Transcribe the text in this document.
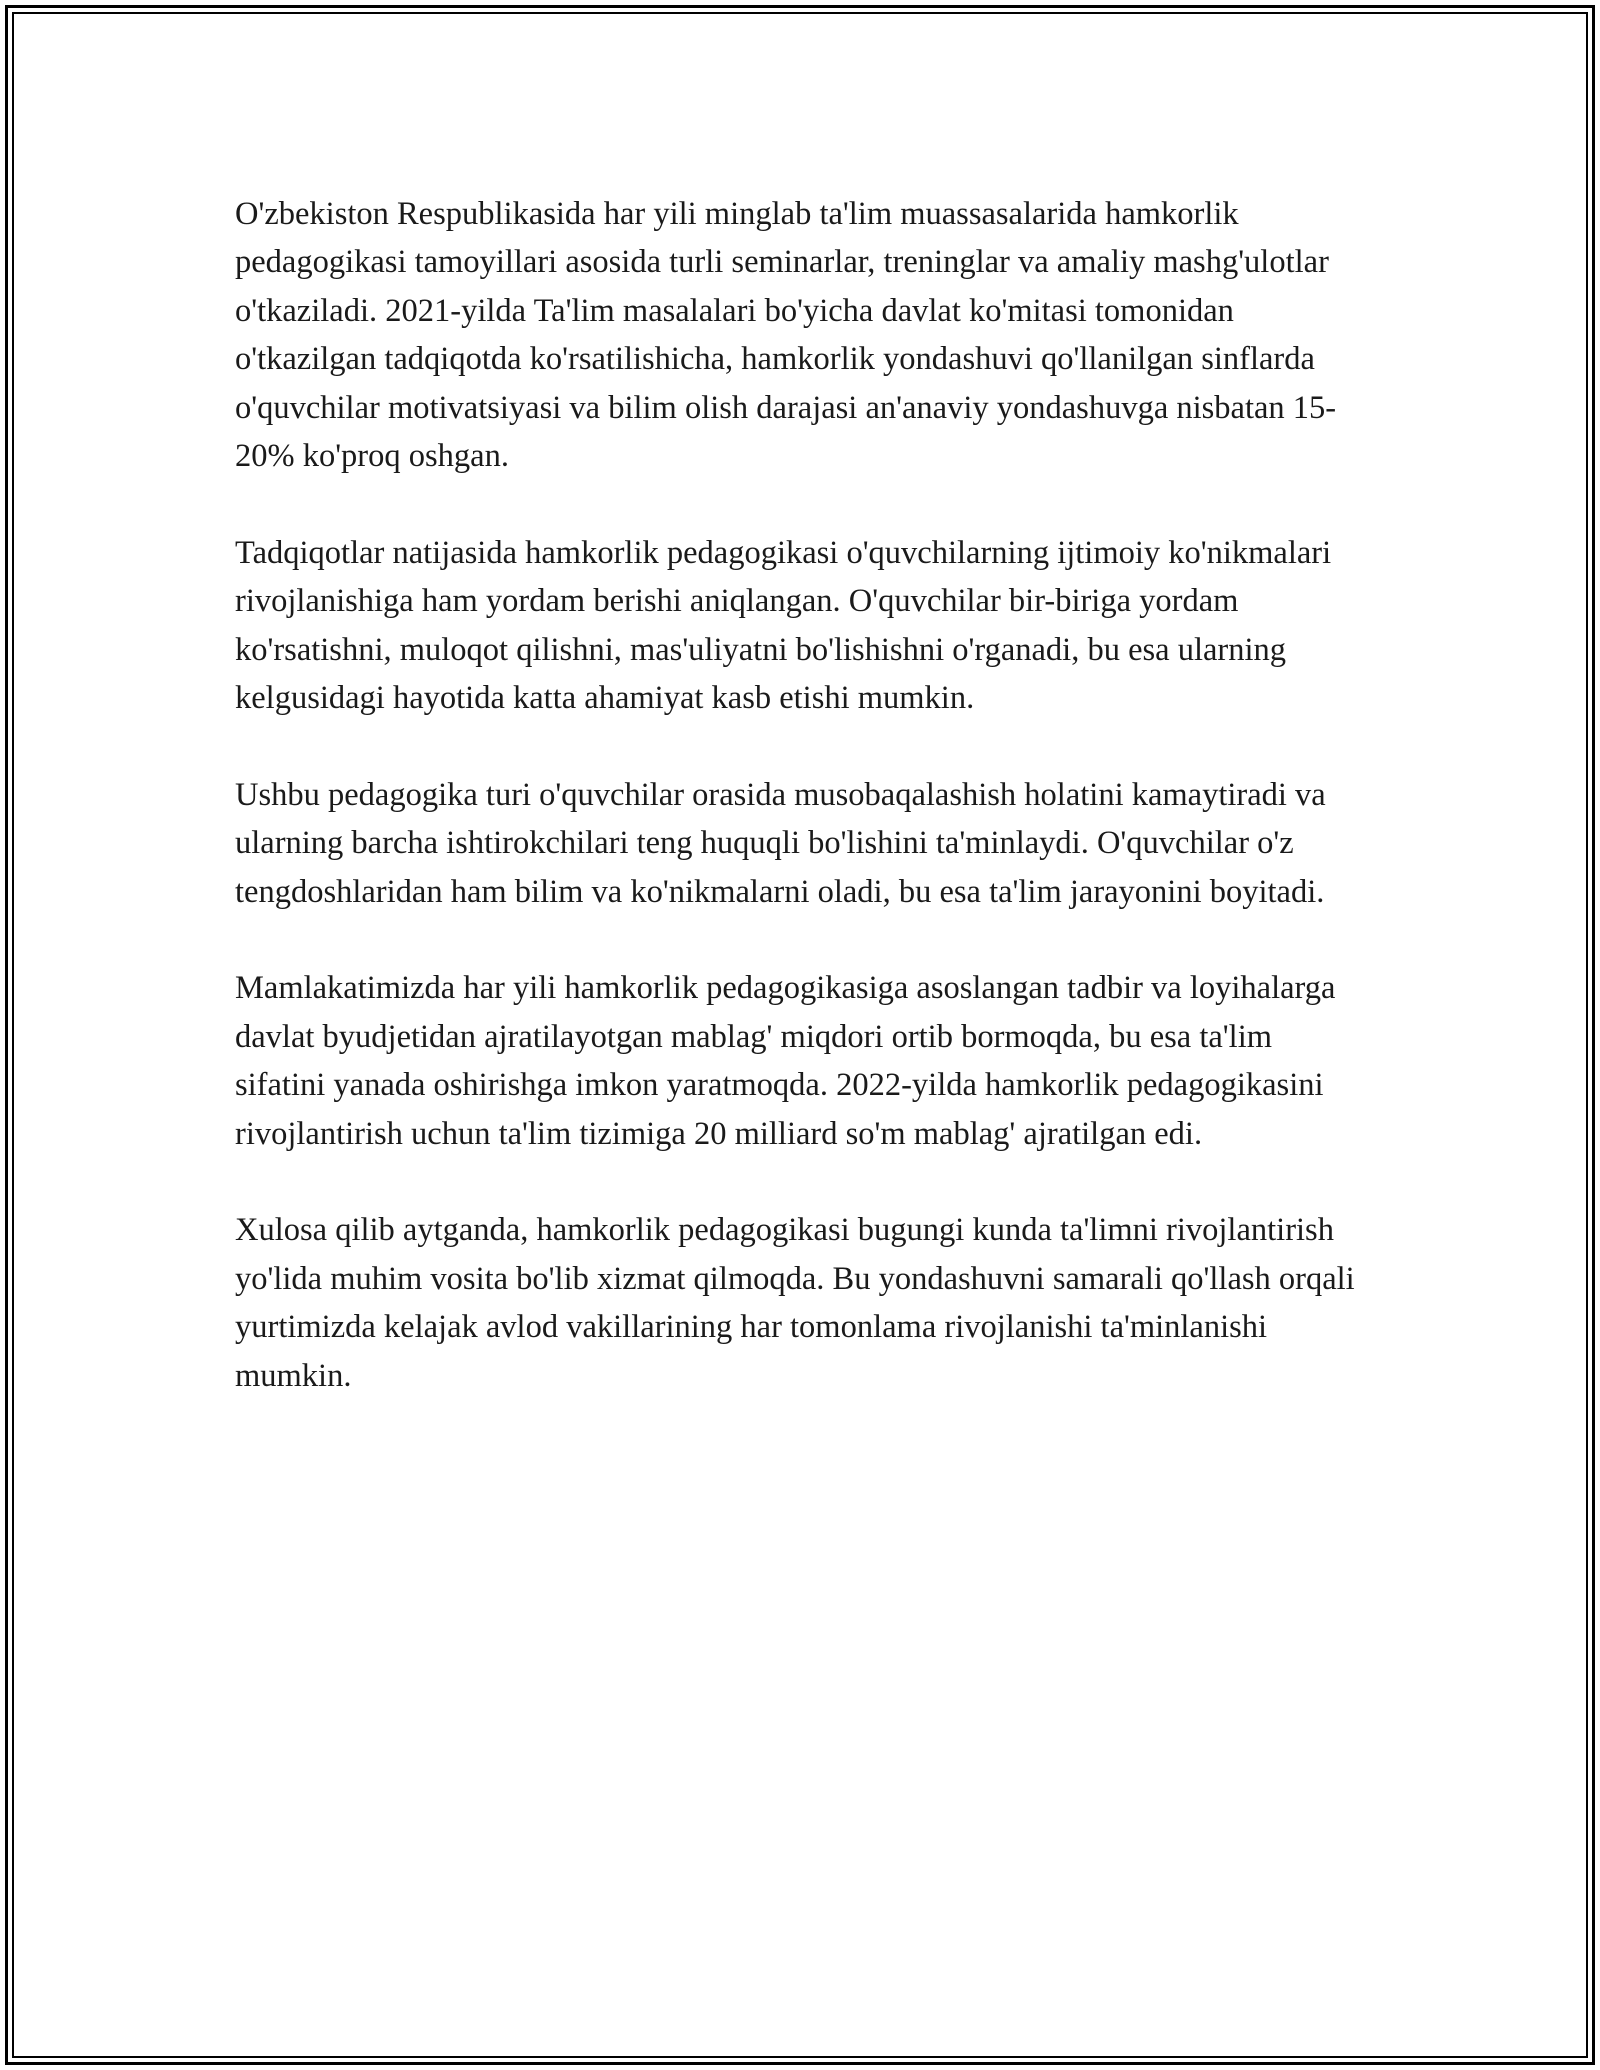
O'zbekiston Respublikasida har yili minglab ta'lim muassasalarida hamkorlik pedagogikasi tamoyillari asosida turli seminarlar, treninglar va amaliy mashg'ulotlar o'tkaziladi. 2021-yilda Ta'lim masalalari bo'yicha davlat ko'mitasi tomonidan o'tkazilgan tadqiqotda ko'rsatilishicha, hamkorlik yondashuvi qo'llanilgan sinflarda o'quvchilar motivatsiyasi va bilim olish darajasi an'anaviy yondashuvga nisbatan 15-20% ko'proq oshgan.

Tadqiqotlar natijasida hamkorlik pedagogikasi o'quvchilarning ijtimoiy ko'nikmalari rivojlanishiga ham yordam berishi aniqlangan. O'quvchilar bir-biriga yordam ko'rsatishni, muloqot qilishni, mas'uliyatni bo'lishishni o'rganadi, bu esa ularning kelgusidagi hayotida katta ahamiyat kasb etishi mumkin.

Ushbu pedagogika turi o'quvchilar orasida musobaqalashish holatini kamaytiradi va ularning barcha ishtirokchilari teng huquqli bo'lishini ta'minlaydi. O'quvchilar o'z tengdoshlaridan ham bilim va ko'nikmalarni oladi, bu esa ta'lim jarayonini boyitadi.

Mamlakatimizda har yili hamkorlik pedagogikasiga asoslangan tadbir va loyihalarga davlat byudjetidan ajratilayotgan mablag' miqdori ortib bormoqda, bu esa ta'lim sifatini yanada oshirishga imkon yaratmoqda. 2022-yilda hamkorlik pedagogikasini rivojlantirish uchun ta'lim tizimiga 20 milliard so'm mablag' ajratilgan edi.

Xulosa qilib aytganda, hamkorlik pedagogikasi bugungi kunda ta'limni rivojlantirish yo'lida muhim vosita bo'lib xizmat qilmoqda. Bu yondashuvni samarali qo'llash orqali yurtimizda kelajak avlod vakillarining har tomonlama rivojlanishi ta'minlanishi mumkin.
